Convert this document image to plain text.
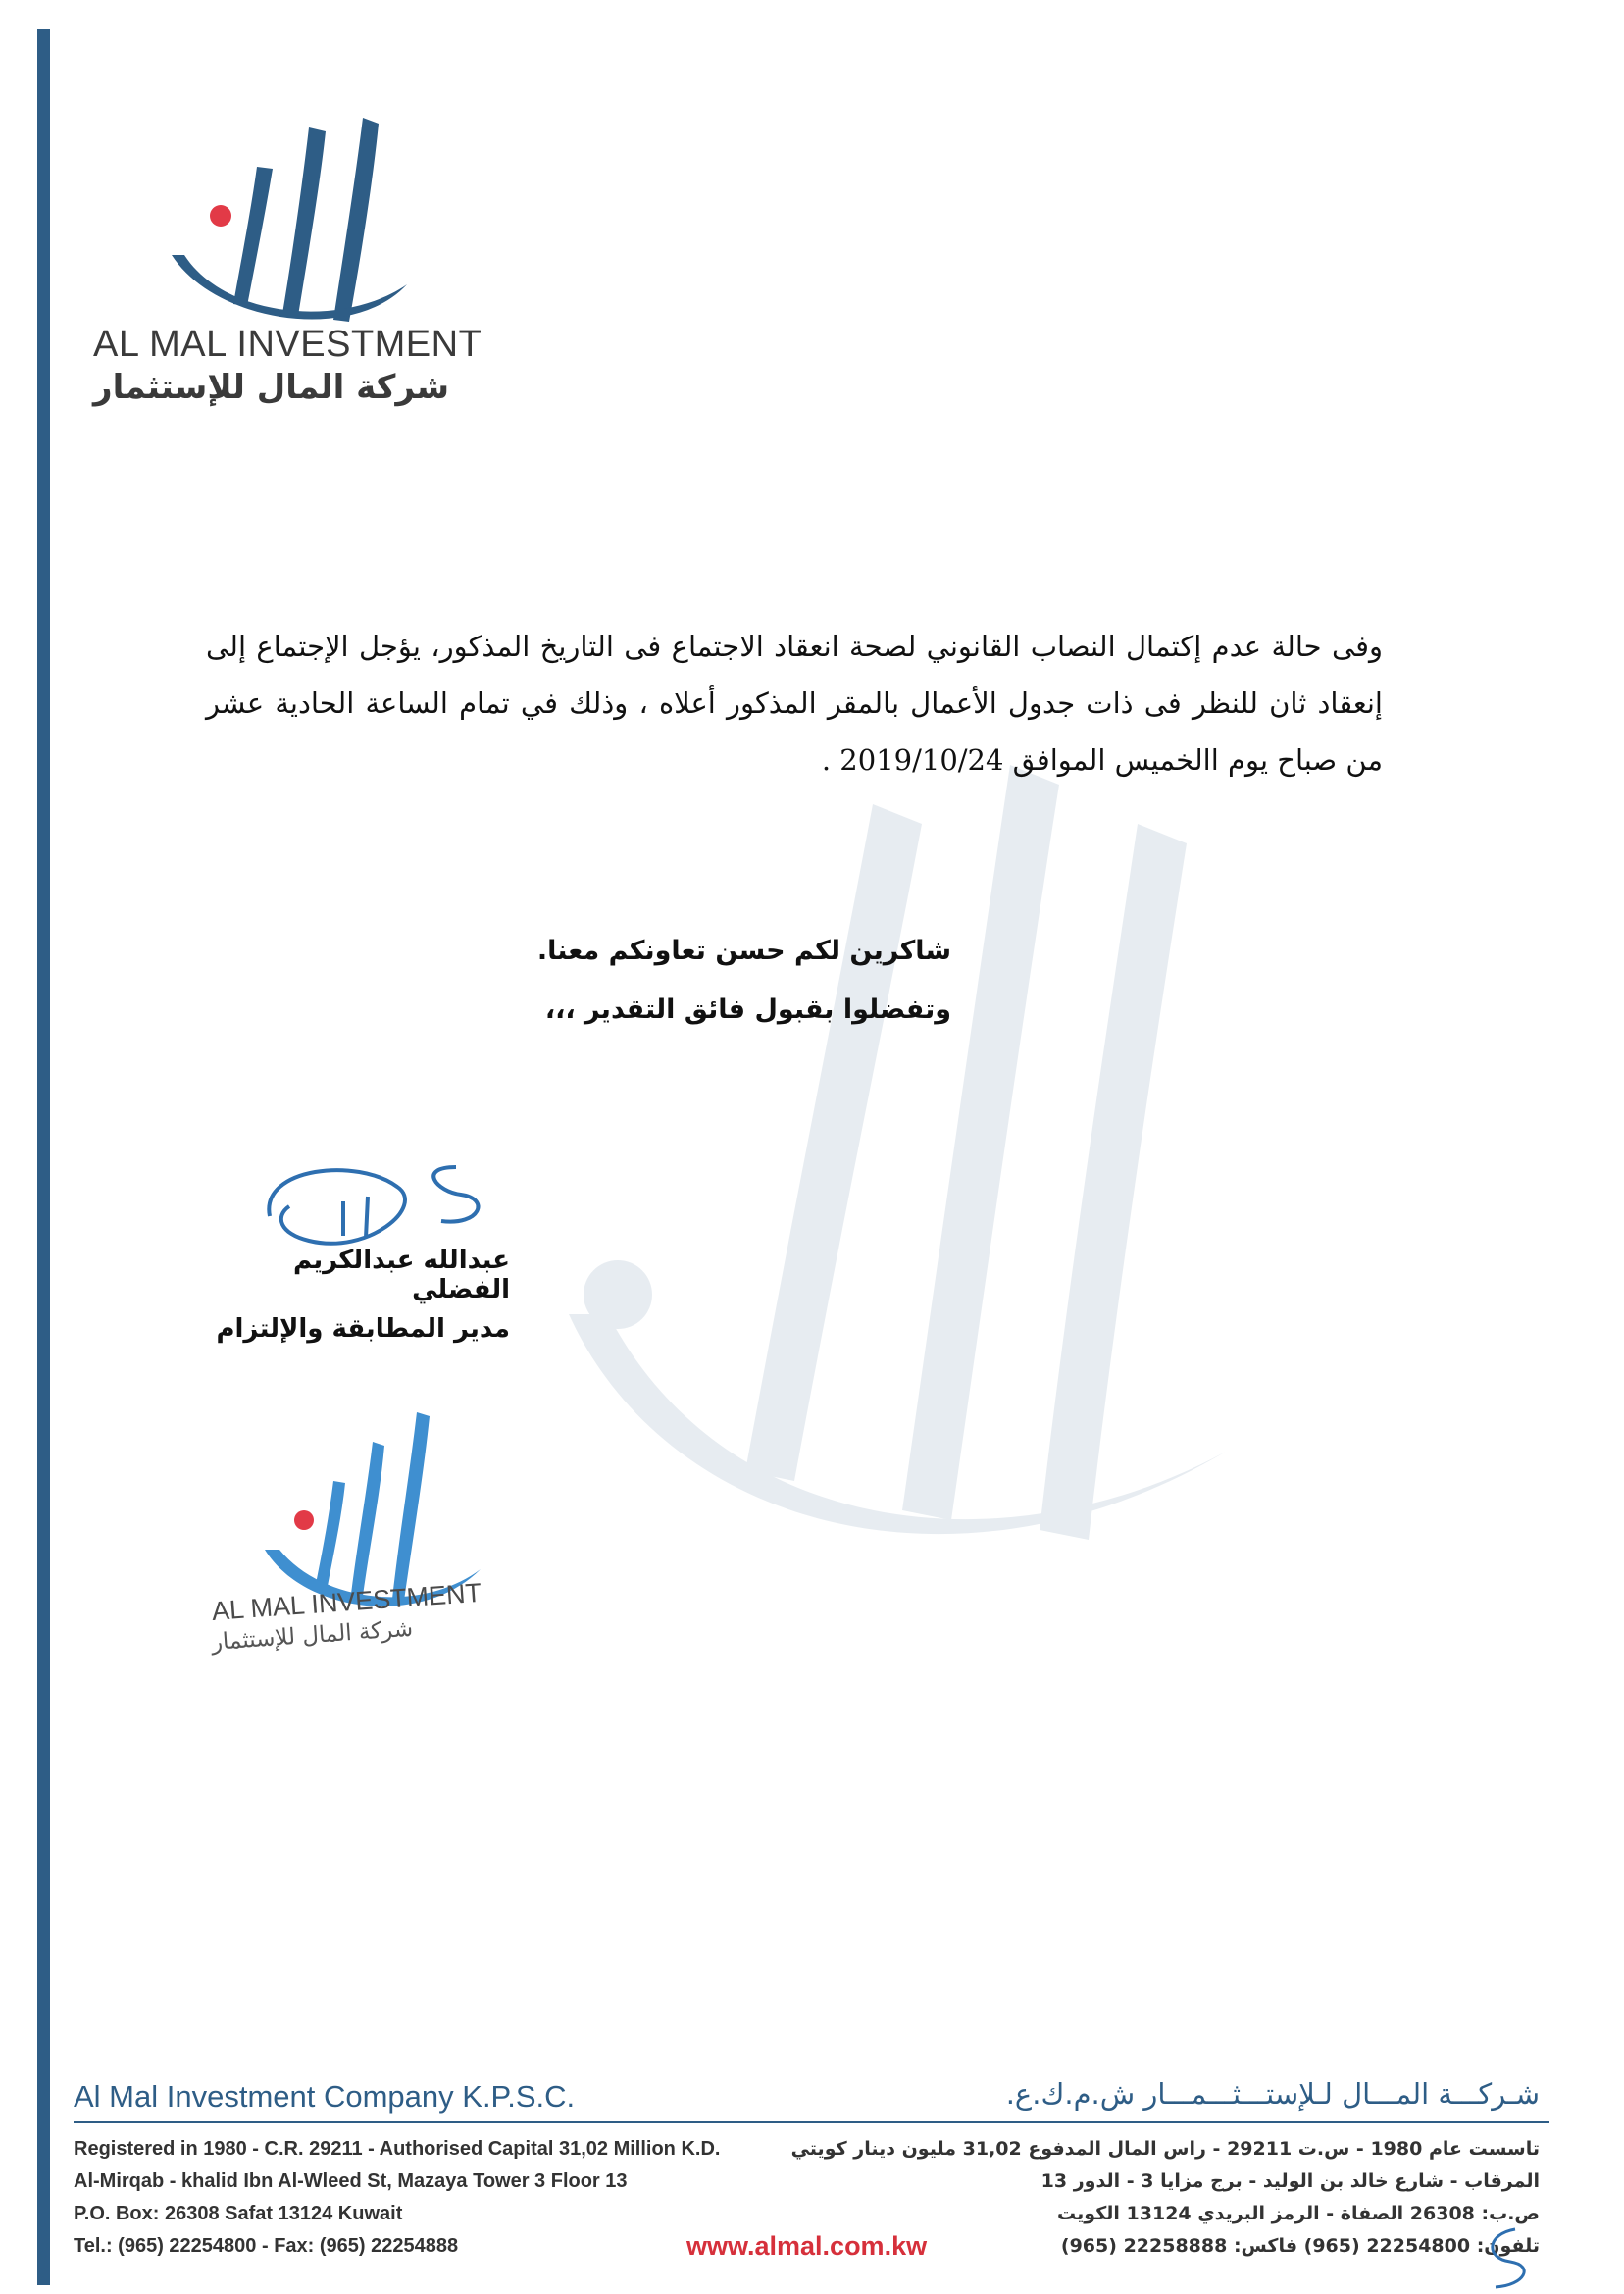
AL MAL INVESTMENT
شركة المال للإستثمار
وفى حالة عدم إكتمال النصاب القانوني لصحة انعقاد الاجتماع فى التاريخ المذكور، يؤجل الإجتماع إلى إنعقاد ثان للنظر فى ذات جدول الأعمال بالمقر المذكور أعلاه ، وذلك في تمام الساعة الحادية عشر من صباح يوم االخميس الموافق 2019/10/24 .
شاكرين لكم حسن تعاونكم معنا.
وتفضلوا بقبول فائق التقدير ،،،
عبدالله عبدالكريم الفضلي
مدير المطابقة والإلتزام
AL MAL INVESTMENT
شركة المال للإستثمار
Al Mal Investment Company K.P.S.C.	شـركـــة المـــال لـلإستـــثـــمـــار ش.م.ك.ع.
Registered in 1980 - C.R. 29211 - Authorised Capital 31,02 Million K.D.
Al-Mirqab - khalid Ibn Al-Wleed St, Mazaya Tower 3 Floor 13
P.O. Box: 26308 Safat 13124 Kuwait
Tel.: (965) 22254800 - Fax: (965) 22254888
تاسست عام 1980 - س.ت 29211 - راس المال المدفوع 31,02 مليون دينار كويتي
المرقاب - شارع خالد بن الوليد - برج مزايا 3 - الدور 13
ص.ب: 26308 الصفاة - الرمز البريدي 13124 الكويت
تلفون: 22254800 (965) فاكس: 22258888 (965)
www.almal.com.kw
